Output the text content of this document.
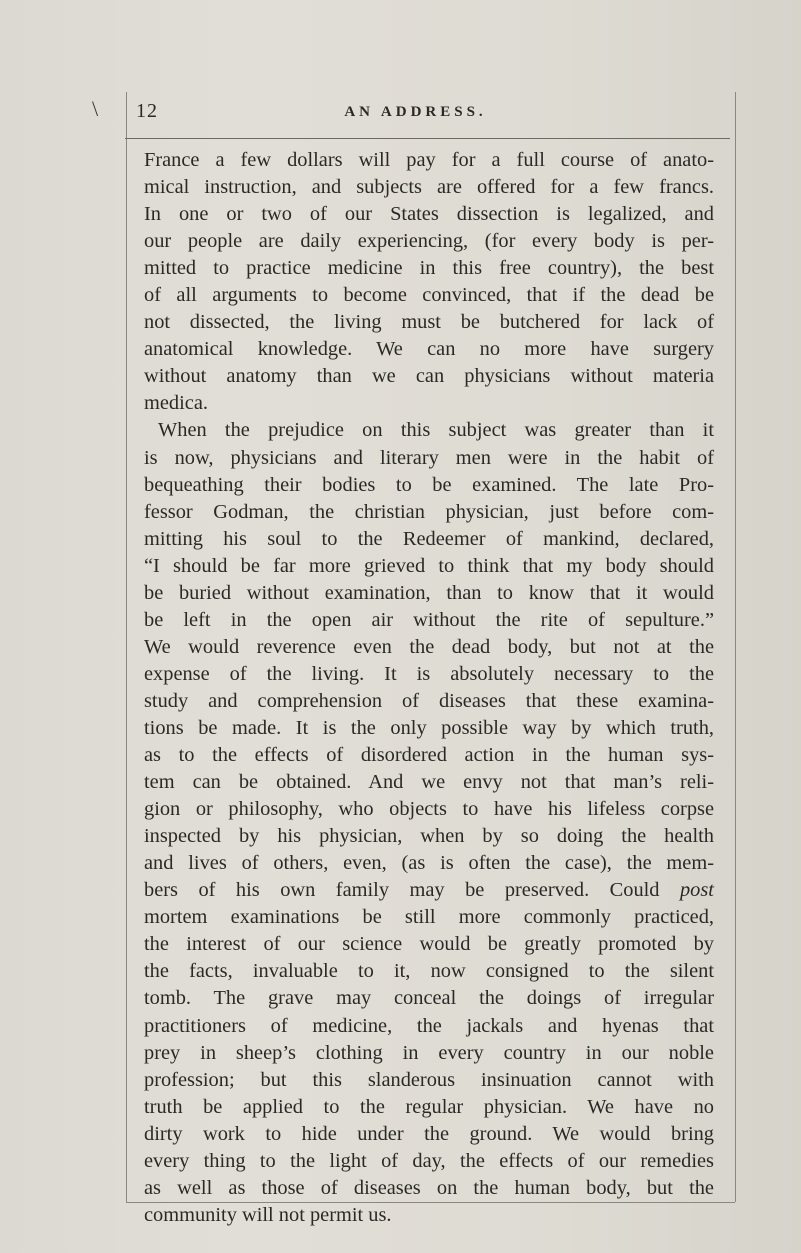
\ 12	AN ADDRESS.
France a few dollars will pay for a full course of anato-
mical instruction, and subjects are offered for a few francs.
In one or two of our States dissection is legalized, and
our people are daily experiencing, (for every body is per-
mitted to practice medicine in this free country), the best
of all arguments to become convinced, that if the dead be
not dissected, the living must be butchered for lack of
anatomical knowledge. We can no more have surgery
without anatomy than we can physicians without materia
medica.
When the prejudice on this subject was greater than it
is now, physicians and literary men were in the habit of
bequeathing their bodies to be examined. The late Pro-
fessor Godman, the christian physician, just before com-
mitting his soul to the Redeemer of mankind, declared,
“I should be far more grieved to think that my body should
be buried without examination, than to know that it would
be left in the open air without the rite of sepulture.”
We would reverence even the dead body, but not at the
expense of the living. It is absolutely necessary to the
study and comprehension of diseases that these examina-
tions be made. It is the only possible way by which truth,
as to the effects of disordered action in the human sys-
tem can be obtained. And we envy not that man’s reli-
gion or philosophy, who objects to have his lifeless corpse
inspected by his physician, when by so doing the health
and lives of others, even, (as is often the case), the mem-
bers of his own family may be preserved. Could post
mortem examinations be still more commonly practiced,
the interest of our science would be greatly promoted by
the facts, invaluable to it, now consigned to the silent
tomb. The grave may conceal the doings of irregular
practitioners of medicine, the jackals and hyenas that
prey in sheep’s clothing in every country in our noble
profession; but this slanderous insinuation cannot with
truth be applied to the regular physician. We have no
dirty work to hide under the ground. We would bring
every thing to the light of day, the effects of our remedies
as well as those of diseases on the human body, but the
community will not permit us.
